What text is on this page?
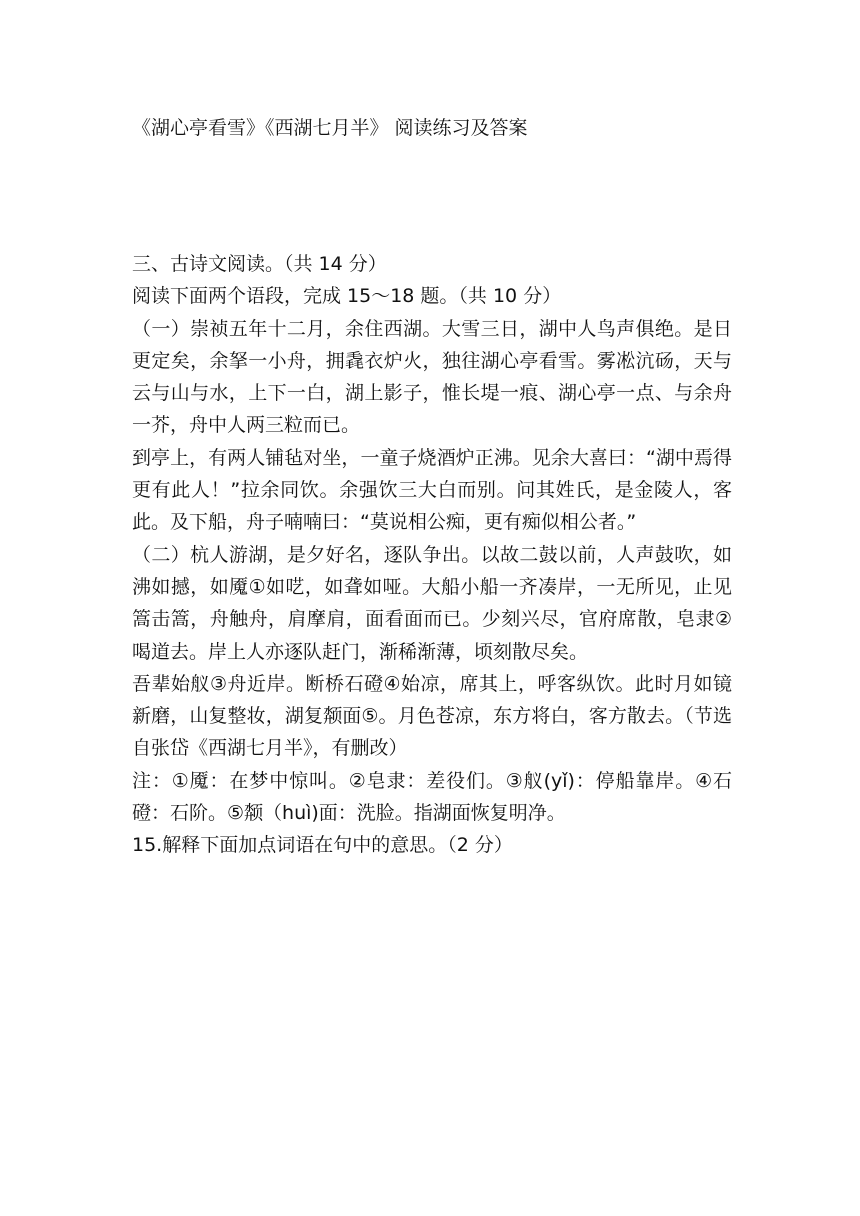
《湖心亭看雪》《西湖七月半》 阅读练习及答案

三、古诗文阅读。（共 14 分）

阅读下面两个语段，完成 15～18 题。（共 10 分）

（一）崇祯五年十二月，余住西湖。大雪三日，湖中人鸟声俱绝。是日更定矣，余拏一小舟，拥毳衣炉火，独往湖心亭看雪。雾凇沆砀，天与云与山与水，上下一白，湖上影子，惟长堤一痕、湖心亭一点、与余舟一芥，舟中人两三粒而已。

到亭上，有两人铺毡对坐，一童子烧酒炉正沸。见余大喜曰：“湖中焉得更有此人！”拉余同饮。余强饮三大白而别。问其姓氏，是金陵人，客此。及下船，舟子喃喃曰：“莫说相公痴，更有痴似相公者。”

（二）杭人游湖，是夕好名，逐队争出。以故二鼓以前，人声鼓吹，如沸如撼，如魇①如呓，如聋如哑。大船小船一齐凑岸，一无所见，止见篙击篙，舟触舟，肩摩肩，面看面而已。少刻兴尽，官府席散，皂隶②喝道去。岸上人亦逐队赶门，渐稀渐薄，顷刻散尽矣。

吾辈始舣③舟近岸。断桥石磴④始凉，席其上，呼客纵饮。此时月如镜新磨，山复整妆，湖复颒面⑤。月色苍凉，东方将白，客方散去。（节选自张岱《西湖七月半》，有删改）

注：①魇：在梦中惊叫。②皂隶：差役们。③舣(yǐ)：停船靠岸。④石磴：石阶。⑤颒（huì)面：洗脸。指湖面恢复明净。

15.解释下面加点词语在句中的意思。（2 分）
